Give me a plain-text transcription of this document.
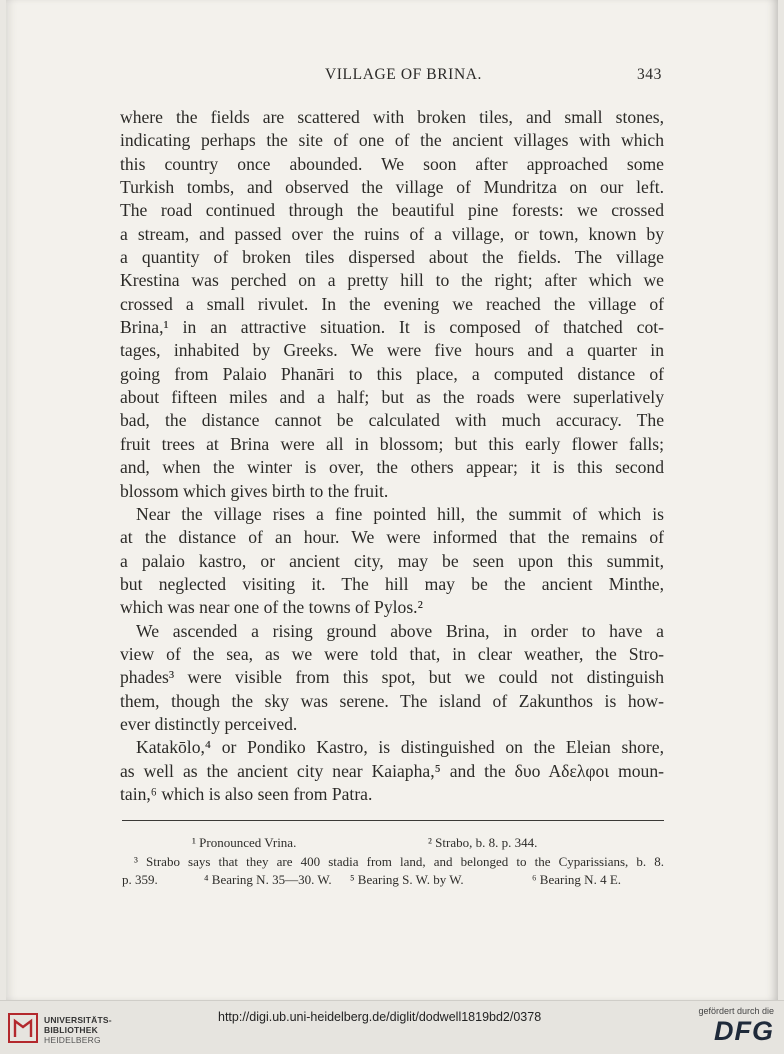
VILLAGE OF BRINA.	343
where the fields are scattered with broken tiles, and small stones,
indicating perhaps the site of one of the ancient villages with which
this country once abounded. We soon after approached some
Turkish tombs, and observed the village of Mundritza on our left.
The road continued through the beautiful pine forests: we crossed
a stream, and passed over the ruins of a village, or town, known by
a quantity of broken tiles dispersed about the fields. The village
Krestina was perched on a pretty hill to the right; after which we
crossed a small rivulet. In the evening we reached the village of
Brina,¹ in an attractive situation. It is composed of thatched cot-
tages, inhabited by Greeks. We were five hours and a quarter in
going from Palaio Phanāri to this place, a computed distance of
about fifteen miles and a half; but as the roads were superlatively
bad, the distance cannot be calculated with much accuracy. The
fruit trees at Brina were all in blossom; but this early flower falls;
and, when the winter is over, the others appear; it is this second
blossom which gives birth to the fruit.
Near the village rises a fine pointed hill, the summit of which is
at the distance of an hour. We were informed that the remains of
a palaio kastro, or ancient city, may be seen upon this summit,
but neglected visiting it. The hill may be the ancient Minthe,
which was near one of the towns of Pylos.²
We ascended a rising ground above Brina, in order to have a
view of the sea, as we were told that, in clear weather, the Stro-
phades³ were visible from this spot, but we could not distinguish
them, though the sky was serene. The island of Zakunthos is how-
ever distinctly perceived.
Katakōlo,⁴ or Pondiko Kastro, is distinguished on the Eleian shore,
as well as the ancient city near Kaiapha,⁵ and the δυο Αδελφοι moun-
tain,⁶ which is also seen from Patra.
¹ Pronounced Vrina.	² Strabo, b. 8. p. 344.
³ Strabo says that they are 400 stadia from land, and belonged to the Cyparissians, b. 8.
p. 359.	⁴ Bearing N. 35—30. W. ⁵ Bearing S. W. by W.	⁶ Bearing N. 4 E.
UNIVERSITÄTS-
BIBLIOTHEK
HEIDELBERG
http://digi.ub.uni-heidelberg.de/diglit/dodwell1819bd2/0378	gefördert durch die
DFG
